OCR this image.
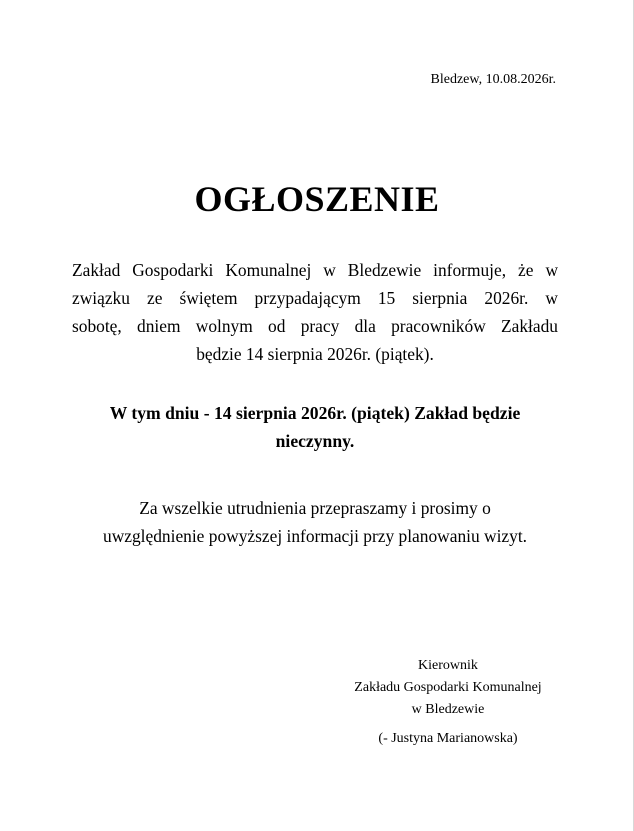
Bledzew, 10.08.2026r.
OGŁOSZENIE
Zakład Gospodarki Komunalnej w Bledzewie informuje, że w
związku ze świętem przypadającym 15 sierpnia 2026r. w
sobotę, dniem wolnym od pracy dla pracowników Zakładu
będzie 14 sierpnia 2026r. (piątek).
W tym dniu - 14 sierpnia 2026r. (piątek) Zakład będzie
nieczynny.
Za wszelkie utrudnienia przepraszamy i prosimy o
uwzględnienie powyższej informacji przy planowaniu wizyt.
Kierownik
Zakładu Gospodarki Komunalnej
w Bledzewie
(- Justyna Marianowska)
